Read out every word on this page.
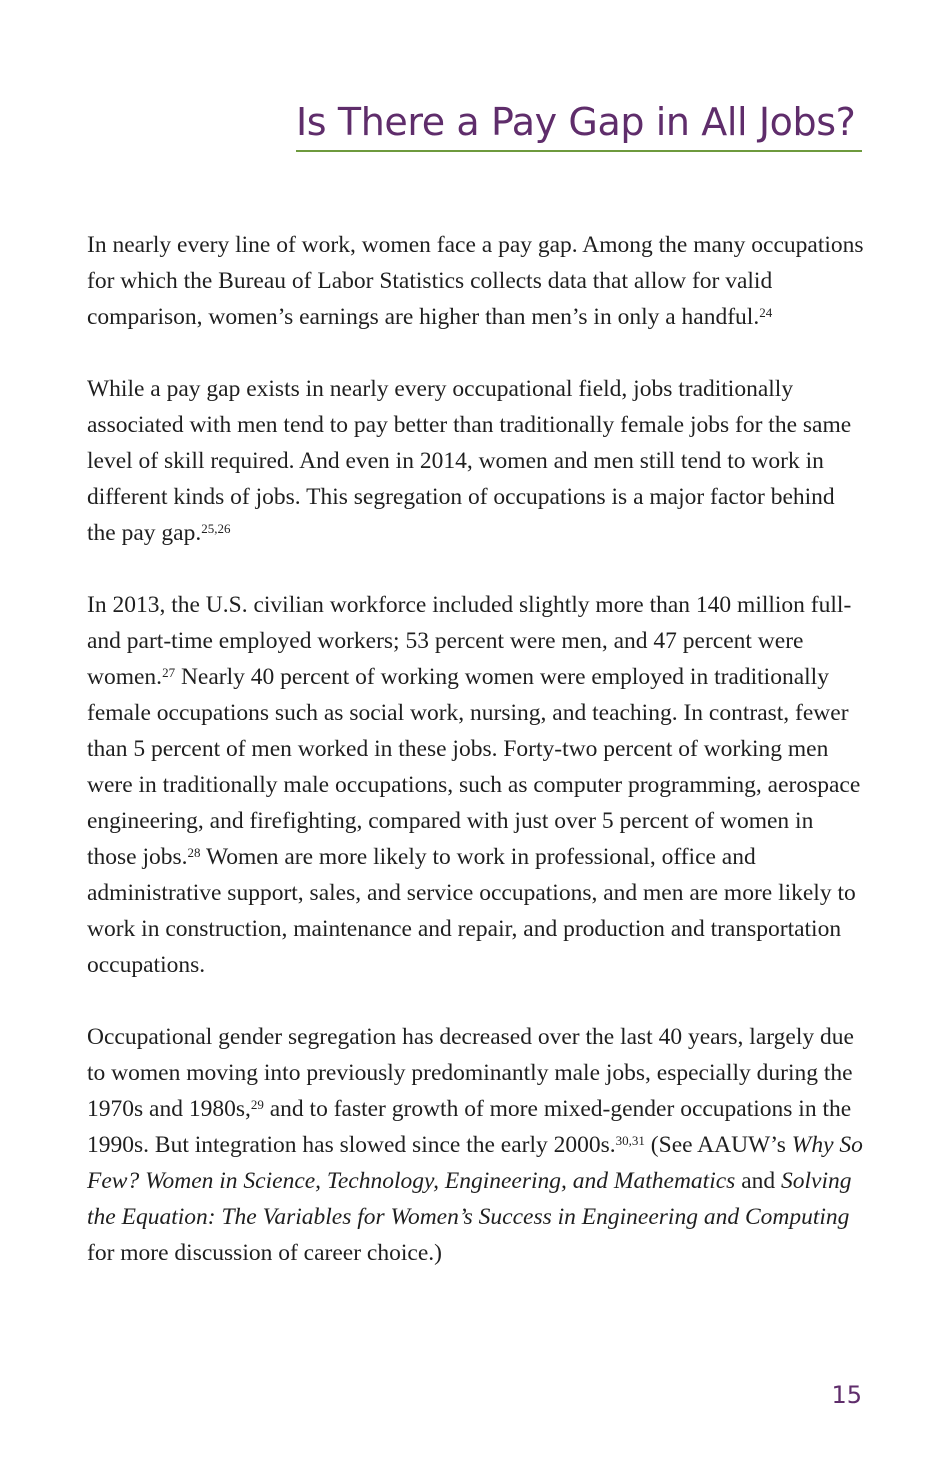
Is There a Pay Gap in All Jobs?

In nearly every line of work, women face a pay gap. Among the many occupations for which the Bureau of Labor Statistics collects data that allow for valid comparison, women’s earnings are higher than men’s in only a handful.$^{24}$

While a pay gap exists in nearly every occupational field, jobs traditionally associated with men tend to pay better than traditionally female jobs for the same level of skill required. And even in 2014, women and men still tend to work in different kinds of jobs. This segregation of occupations is a major factor behind the pay gap.$^{25,26}$

In 2013, the U.S. civilian workforce included slightly more than 140 million full- and part-time employed workers; 53 percent were men, and 47 percent were women.$^{27}$ Nearly 40 percent of working women were employed in traditionally female occupations such as social work, nursing, and teaching. In contrast, fewer than 5 percent of men worked in these jobs. Forty-two percent of working men were in traditionally male occupations, such as computer programming, aerospace engineering, and firefighting, compared with just over 5 percent of women in those jobs.$^{28}$ Women are more likely to work in professional, office and administrative support, sales, and service occupations, and men are more likely to work in construction, maintenance and repair, and production and transportation occupations.

Occupational gender segregation has decreased over the last 40 years, largely due to women moving into previously predominantly male jobs, especially during the 1970s and 1980s,$^{29}$ and to faster growth of more mixed-gender occupations in the 1990s. But integration has slowed since the early 2000s.$^{30,31}$ (See AAUW’s Why So Few? Women in Science, Technology, Engineering, and Mathematics and Solving the Equation: The Variables for Women’s Success in Engineering and Computing for more discussion of career choice.)

15
